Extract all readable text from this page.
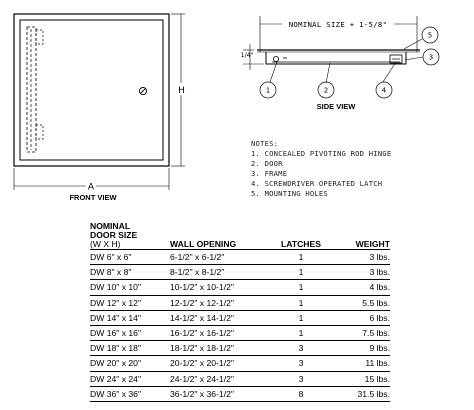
H
A
FRONT VIEW
NOMINAL SIZE + 1-5/8"
1/4"
1	2
3
4
5
SIDE VIEW
NOTES:
1. CONCEALED PIVOTING ROD HINGE
2. DOOR
3. FRAME
4. SCREWDRIVER OPERATED LATCH
5. MOUNTING HOLES
NOMINAL
DOOR SIZE
(W X H)	WALL OPENING	LATCHES	WEIGHT
DW 6" x 6"	6-1/2" x 6-1/2"	1	3 lbs.
DW 8" x 8"	8-1/2" x 8-1/2"	1	3 lbs.
DW 10" x 10"	10-1/2" x 10-1/2"	1	4 lbs.
DW 12" x 12"	12-1/2" x 12-1/2"	1	5.5 lbs.
DW 14" x 14"	14-1/2" x 14-1/2"	1	6 lbs.
DW 16" x 16"	16-1/2" x 16-1/2"	1	7.5 lbs.
DW 18" x 18"	18-1/2" x 18-1/2"	3	9 lbs.
DW 20" x 20"	20-1/2" x 20-1/2"	3	11 lbs.
DW 24" x 24"	24-1/2" x 24-1/2"	3	15 lbs.
DW 36" x 36"	36-1/2" x 36-1/2"	8	31.5 lbs.
